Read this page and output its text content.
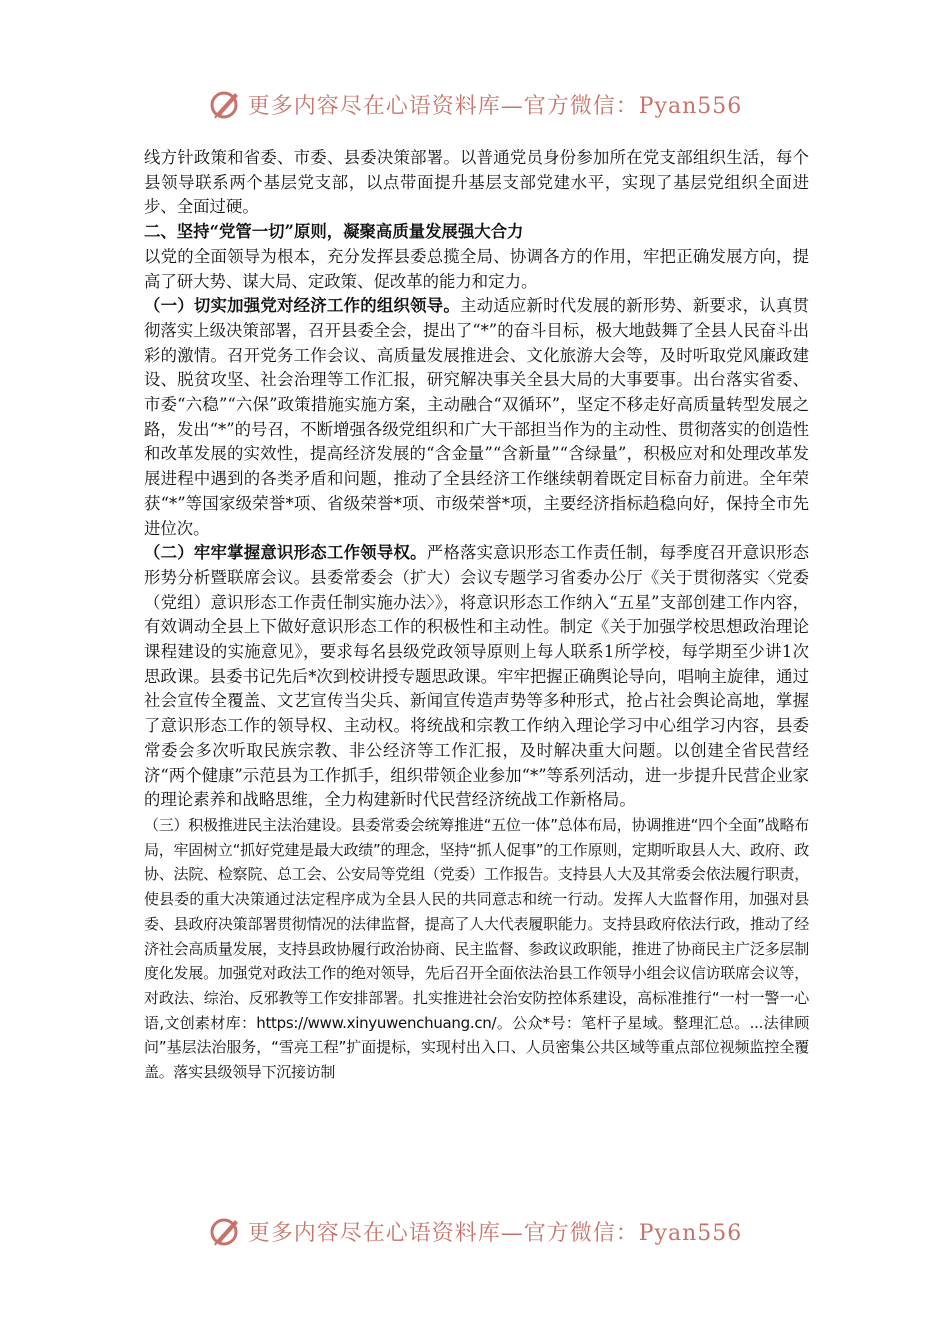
更多内容尽在心语资料库—官方微信：Pyan556

线方针政策和省委、市委、县委决策部署。以普通党员身份参加所在党支部组织生活，每个县领导联系两个基层党支部，以点带面提升基层支部党建水平，实现了基层党组织全面进步、全面过硬。

二、坚持“党管一切”原则，凝聚高质量发展强大合力

以党的全面领导为根本，充分发挥县委总揽全局、协调各方的作用，牢把正确发展方向，提高了研大势、谋大局、定政策、促改革的能力和定力。

（一）切实加强党对经济工作的组织领导。主动适应新时代发展的新形势、新要求，认真贯彻落实上级决策部署，召开县委全会，提出了“*”的奋斗目标，极大地鼓舞了全县人民奋斗出彩的激情。召开党务工作会议、高质量发展推进会、文化旅游大会等，及时听取党风廉政建设、脱贫攻坚、社会治理等工作汇报，研究解决事关全县大局的大事要事。出台落实省委、市委“六稳”“六保”政策措施实施方案，主动融合“双循环”，坚定不移走好高质量转型发展之路，发出“*”的号召，不断增强各级党组织和广大干部担当作为的主动性、贯彻落实的创造性和改革发展的实效性，提高经济发展的“含金量”“含新量”“含绿量”，积极应对和处理改革发展进程中遇到的各类矛盾和问题，推动了全县经济工作继续朝着既定目标奋力前进。全年荣获“*”等国家级荣誉*项、省级荣誉*项、市级荣誉*项，主要经济指标趋稳向好，保持全市先进位次。

（二）牢牢掌握意识形态工作领导权。严格落实意识形态工作责任制，每季度召开意识形态形势分析暨联席会议。县委常委会（扩大）会议专题学习省委办公厅《关于贯彻落实〈党委（党组）意识形态工作责任制实施办法〉》，将意识形态工作纳入“五星”支部创建工作内容，有效调动全县上下做好意识形态工作的积极性和主动性。制定《关于加强学校思想政治理论课程建设的实施意见》，要求每名县级党政领导原则上每人联系1所学校，每学期至少讲1次思政课。县委书记先后*次到校讲授专题思政课。牢牢把握正确舆论导向，唱响主旋律，通过社会宣传全覆盖、文艺宣传当尖兵、新闻宣传造声势等多种形式，抢占社会舆论高地，掌握了意识形态工作的领导权、主动权。将统战和宗教工作纳入理论学习中心组学习内容，县委常委会多次听取民族宗教、非公经济等工作汇报，及时解决重大问题。以创建全省民营经济“两个健康”示范县为工作抓手，组织带领企业参加“*”等系列活动，进一步提升民营企业家的理论素养和战略思维，全力构建新时代民营经济统战工作新格局。

（三）积极推进民主法治建设。县委常委会统筹推进“五位一体”总体布局，协调推进“四个全面”战略布局，牢固树立“抓好党建是最大政绩”的理念，坚持“抓人促事”的工作原则，定期听取县人大、政府、政协、法院、检察院、总工会、公安局等党组（党委）工作报告。支持县人大及其常委会依法履行职责，使县委的重大决策通过法定程序成为全县人民的共同意志和统一行动。发挥人大监督作用，加强对县委、县政府决策部署贯彻情况的法律监督，提高了人大代表履职能力。支持县政府依法行政，推动了经济社会高质量发展，支持县政协履行政治协商、民主监督、参政议政职能，推进了协商民主广泛多层制度化发展。加强党对政法工作的绝对领导，先后召开全面依法治县工作领导小组会议信访联席会议等，对政法、综治、反邪教等工作安排部署。扎实推进社会治安防控体系建设，高标准推行“一村一警一心语,文创素材库：https://www.xinyuwenchuang.cn/。公众*号：笔杆子星域。整理汇总。...法律顾问”基层法治服务，“雪亮工程”扩面提标，实现村出入口、人员密集公共区域等重点部位视频监控全覆盖。落实县级领导下沉接访制

更多内容尽在心语资料库—官方微信：Pyan556
